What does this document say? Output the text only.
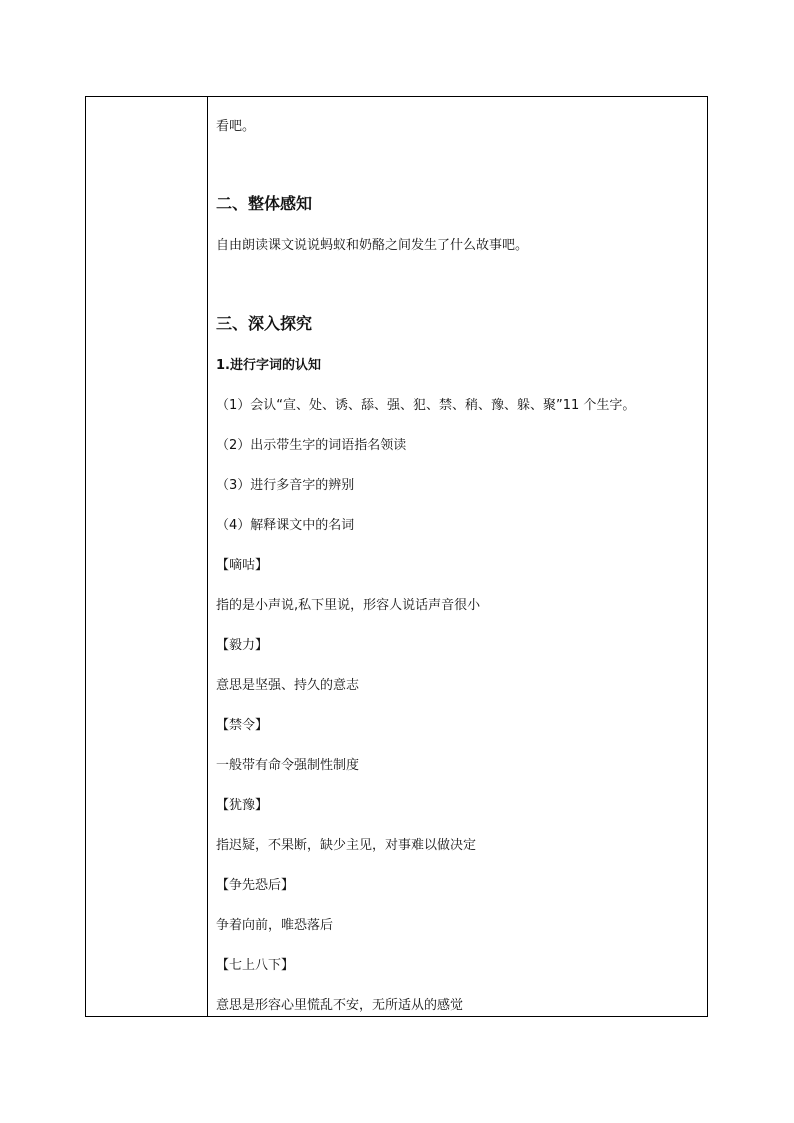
看吧。
二、整体感知
自由朗读课文说说蚂蚁和奶酪之间发生了什么故事吧。
三、深入探究
1.进行字词的认知
（1）会认“宣、处、诱、舔、强、犯、禁、稍、豫、躲、聚”11 个生字。
（2）出示带生字的词语指名领读
（3）进行多音字的辨别
（4）解释课文中的名词
【嘀咕】
指的是小声说,私下里说，形容人说话声音很小
【毅力】
意思是坚强、持久的意志
【禁令】
一般带有命令强制性制度
【犹豫】
指迟疑，不果断，缺少主见，对事难以做决定
【争先恐后】
争着向前，唯恐落后
【七上八下】
意思是形容心里慌乱不安，无所适从的感觉
